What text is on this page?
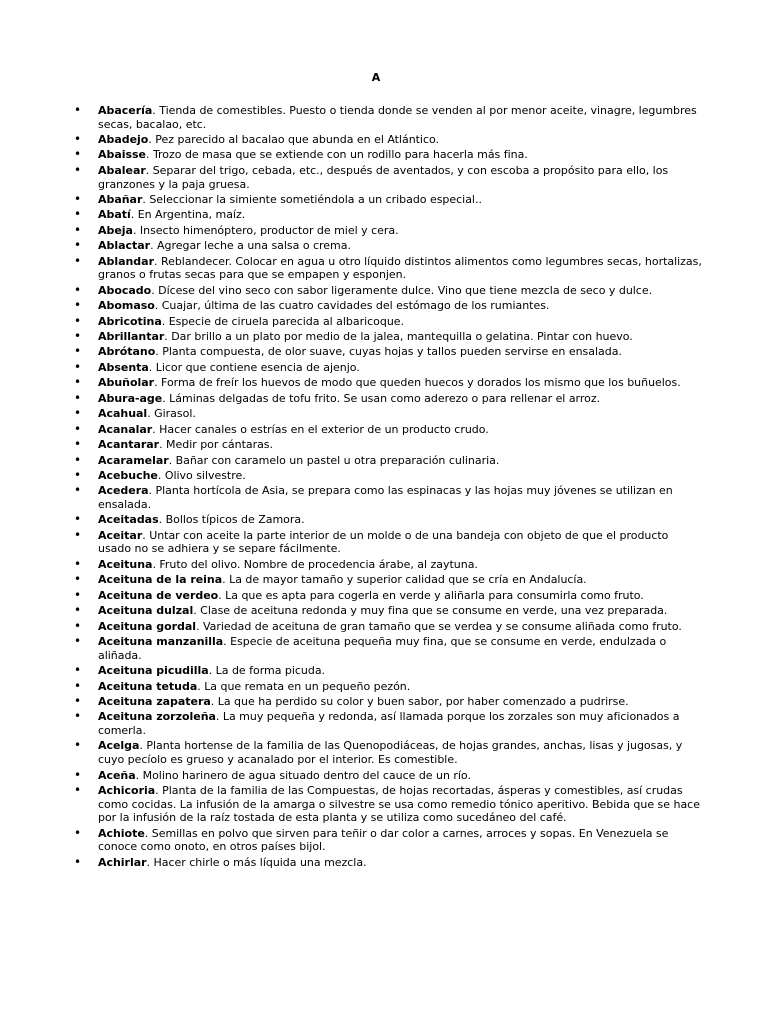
A
• Abacería. Tienda de comestibles. Puesto o tienda donde se venden al por menor aceite, vinagre, legumbres secas, bacalao, etc.
• Abadejo. Pez parecido al bacalao que abunda en el Atlántico.
• Abaisse. Trozo de masa que se extiende con un rodillo para hacerla más fina.
• Abalear. Separar del trigo, cebada, etc., después de aventados, y con escoba a propósito para ello, los granzones y la paja gruesa.
• Abañar. Seleccionar la simiente sometiéndola a un cribado especial..
• Abatí. En Argentina, maíz.
• Abeja. Insecto himenóptero, productor de miel y cera.
• Ablactar. Agregar leche a una salsa o crema.
• Ablandar. Reblandecer. Colocar en agua u otro líquido distintos alimentos como legumbres secas, hortalizas, granos o frutas secas para que se empapen y esponjen.
• Abocado. Dícese del vino seco con sabor ligeramente dulce. Vino que tiene mezcla de seco y dulce.
• Abomaso. Cuajar, última de las cuatro cavidades del estómago de los rumiantes.
• Abricotina. Especie de ciruela parecida al albaricoque.
• Abrillantar. Dar brillo a un plato por medio de la jalea, mantequilla o gelatina. Pintar con huevo.
• Abrótano. Planta compuesta, de olor suave, cuyas hojas y tallos pueden servirse en ensalada.
• Absenta. Licor que contiene esencia de ajenjo.
• Abuñolar. Forma de freír los huevos de modo que queden huecos y dorados los mismo que los buñuelos.
• Abura-age. Láminas delgadas de tofu frito. Se usan como aderezo o para rellenar el arroz.
• Acahual. Girasol.
• Acanalar. Hacer canales o estrías en el exterior de un producto crudo.
• Acantarar. Medir por cántaras.
• Acaramelar. Bañar con caramelo un pastel u otra preparación culinaria.
• Acebuche. Olivo silvestre.
• Acedera. Planta hortícola de Asia, se prepara como las espinacas y las hojas muy jóvenes se utilizan en ensalada.
• Aceitadas. Bollos típicos de Zamora.
• Aceitar. Untar con aceite la parte interior de un molde o de una bandeja con objeto de que el producto usado no se adhiera y se separe fácilmente.
• Aceituna. Fruto del olivo. Nombre de procedencia árabe, al zaytuna.
• Aceituna de la reina. La de mayor tamaño y superior calidad que se cría en Andalucía.
• Aceituna de verdeo. La que es apta para cogerla en verde y aliñarla para consumirla como fruto.
• Aceituna dulzal. Clase de aceituna redonda y muy fina que se consume en verde, una vez preparada.
• Aceituna gordal. Variedad de aceituna de gran tamaño que se verdea y se consume aliñada como fruto.
• Aceituna manzanilla. Especie de aceituna pequeña muy fina, que se consume en verde, endulzada o aliñada.
• Aceituna picudilla. La de forma picuda.
• Aceituna tetuda. La que remata en un pequeño pezón.
• Aceituna zapatera. La que ha perdido su color y buen sabor, por haber comenzado a pudrirse.
• Aceituna zorzoleña. La muy pequeña y redonda, así llamada porque los zorzales son muy aficionados a comerla.
• Acelga. Planta hortense de la familia de las Quenopodiáceas, de hojas grandes, anchas, lisas y jugosas, y cuyo pecíolo es grueso y acanalado por el interior. Es comestible.
• Aceña. Molino harinero de agua situado dentro del cauce de un río.
• Achicoria. Planta de la familia de las Compuestas, de hojas recortadas, ásperas y comestibles, así crudas como cocidas. La infusión de la amarga o silvestre se usa como remedio tónico aperitivo. Bebida que se hace por la infusión de la raíz tostada de esta planta y se utiliza como sucedáneo del café.
• Achiote. Semillas en polvo que sirven para teñir o dar color a carnes, arroces y sopas. En Venezuela se conoce como onoto, en otros países bijol.
• Achirlar. Hacer chirle o más líquida una mezcla.
